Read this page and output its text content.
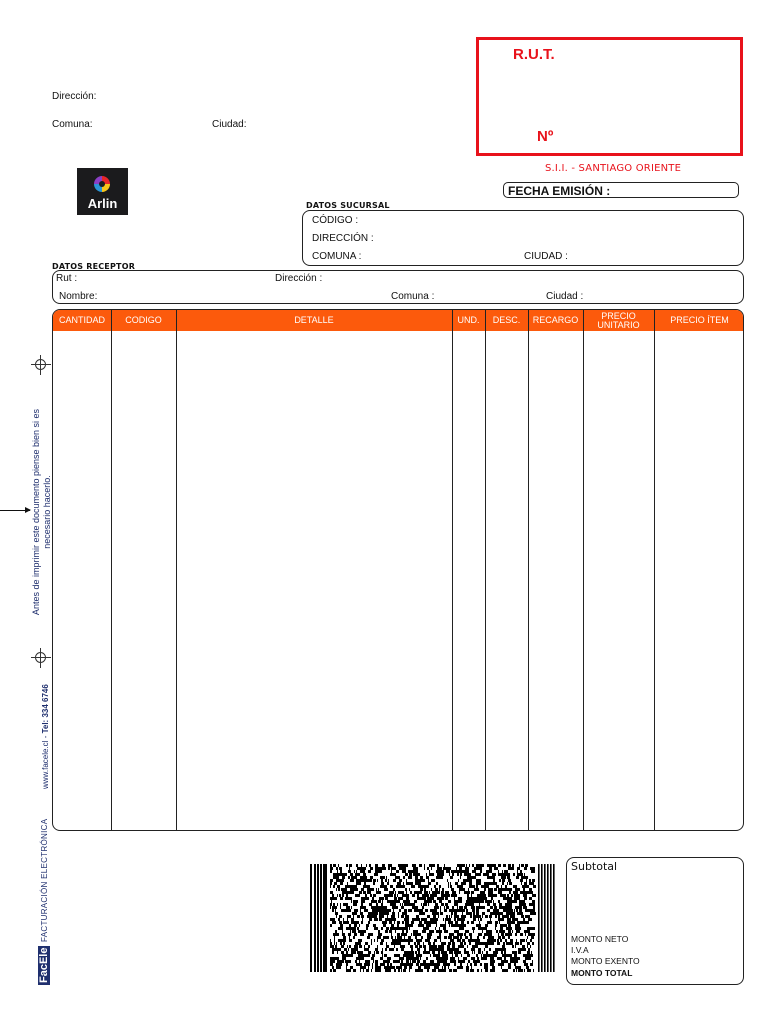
Dirección:
Comuna:	Ciudad:
R.U.T.
Nº
S.I.I. - SANTIAGO ORIENTE
FECHA EMISIÓN :
Arlin	DATOS SUCURSAL
CÓDIGO :
DIRECCIÓN :
COMUNA :	CIUDAD :
DATOS RECEPTOR
Rut :	Dirección :
Nombre:	Comuna :	Ciudad :
CANTIDAD	CODIGO	DETALLE	UND.	DESC.	RECARGO	PRECIO UNITARIO	PRECIO ÍTEM
Antes de imprimir este documento piense bien si es necesario hacerlo.
www.facele.cl - Tel: 334 6746
FACTURACIÓN ELECTRÓNICA
FacEle
Subtotal
MONTO NETO
I.V.A
MONTO EXENTO
MONTO TOTAL
